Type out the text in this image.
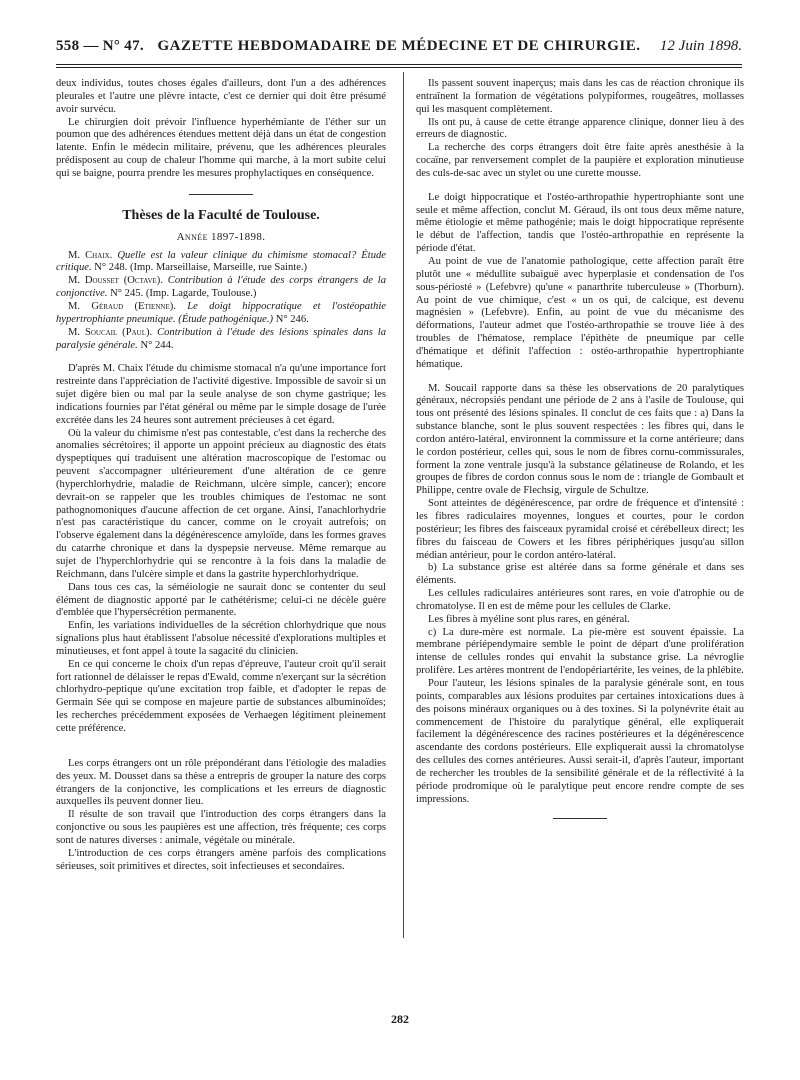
558 — N° 47. GAZETTE HEBDOMADAIRE DE MÉDECINE ET DE CHIRURGIE.	12 Juin 1898.

deux individus, toutes choses égales d'ailleurs, dont l'un a des adhérences pleurales et l'autre une plèvre intacte, c'est ce dernier qui doit être présumé avoir survécu.

Le chirurgien doit prévoir l'influence hyperhémiante de l'éther sur un poumon que des adhérences étendues mettent déjà dans un état de congestion latente. Enfin le médecin militaire, prévenu, que les adhérences pleurales prédisposent au coup de chaleur l'homme qui marche, à la mort subite celui qui se baigne, pourra prendre les mesures prophylactiques en conséquence.

Thèses de la Faculté de Toulouse.
Année 1897-1898.

M. Chaix. Quelle est la valeur clinique du chimisme stomacal? Étude critique. N° 248. (Imp. Marseillaise, Marseille, rue Sainte.)

M. Dousset (Octave). Contribution à l'étude des corps étrangers de la conjonctive. N° 245. (Imp. Lagarde, Toulouse.)

M. Géraud (Etienne). Le doigt hippocratique et l'ostéopathie hypertrophiante pneumique. (Étude pathogénique.) N° 246.

M. Soucail (Paul). Contribution à l'étude des lésions spinales dans la paralysie générale. N° 244.

D'après M. Chaix l'étude du chimisme stomacal n'a qu'une importance fort restreinte dans l'appréciation de l'activité digestive. Impossible de savoir si un sujet digère bien ou mal par la seule analyse de son chyme gastrique; les indications fournies par l'état général ou même par le simple dosage de l'urée excrétée dans les 24 heures sont autrement précieuses à cet égard.

Où la valeur du chimisme n'est pas contestable, c'est dans la recherche des anomalies sécrétoires; il apporte un appoint précieux au diagnostic des états dyspeptiques qui traduisent une altération macroscopique de l'estomac ou peuvent s'accompagner ultérieurement d'une altération de ce genre (hyperchlorhydrie, maladie de Reichmann, ulcère simple, cancer); encore devrait-on se rappeler que les troubles chimiques de l'estomac ne sont pathognomoniques d'aucune affection de cet organe. Ainsi, l'anachlorhydrie n'est pas caractéristique du cancer, comme on le croyait autrefois; on l'observe également dans la dégénérescence amyloïde, dans les formes graves du catarrhe chronique et dans la dyspepsie nerveuse. Même remarque au sujet de l'hyperchlorhydrie qui se rencontre à la fois dans la maladie de Reichmann, dans l'ulcère simple et dans la gastrite hyperchlorhydrique.

Dans tous ces cas, la séméiologie ne saurait donc se contenter du seul élément de diagnostic apporté par le cathétérisme; celui-ci ne décèle guère d'emblée que l'hypersécrétion permanente.

Enfin, les variations individuelles de la sécrétion chlorhydrique que nous signalions plus haut établissent l'absolue nécessité d'explorations multiples et minutieuses, et font appel à toute la sagacité du clinicien.

En ce qui concerne le choix d'un repas d'épreuve, l'auteur croit qu'il serait fort rationnel de délaisser le repas d'Ewald, comme n'exerçant sur la sécrétion chlorhydro-peptique qu'une excitation trop faible, et d'adopter le repas de Germain Sée qui se compose en majeure partie de substances albuminoïdes; les recherches précédemment exposées de Verhaegen légitiment pleinement cette préférence.

Les corps étrangers ont un rôle prépondérant dans l'étiologie des maladies des yeux. M. Dousset dans sa thèse a entrepris de grouper la nature des corps étrangers de la conjonctive, les complications et les erreurs de diagnostic auxquelles ils peuvent donner lieu.

Il résulte de son travail que l'introduction des corps étrangers dans la conjonctive ou sous les paupières est une affection, très fréquente; ces corps sont de natures diverses : animale, végétale ou minérale.

L'introduction de ces corps étrangers amène parfois des complications sérieuses, soit primitives et directes, soit infectieuses et secondaires.

Ils passent souvent inaperçus; mais dans les cas de réaction chronique ils entraînent la formation de végétations polypiformes, rougeâtres, mollasses qui les masquent complètement.

Ils ont pu, à cause de cette étrange apparence clinique, donner lieu à des erreurs de diagnostic.

La recherche des corps étrangers doit être faite après anesthésie à la cocaïne, par renversement complet de la paupière et exploration minutieuse des culs-de-sac avec un stylet ou une curette mousse.

Le doigt hippocratique et l'ostéo-arthropathie hypertrophiante sont une seule et même affection, conclut M. Géraud, ils ont tous deux même nature, même étiologie et même pathogénie; mais le doigt hippocratique représente le début de l'affection, tandis que l'ostéo-arthropathie en représente la période d'état.

Au point de vue de l'anatomie pathologique, cette affection paraît être plutôt une « médullite subaiguë avec hyperplasie et condensation de l'os sous-périosté » (Lefebvre) qu'une « panarthrite tuberculeuse » (Thorburn). Au point de vue chimique, c'est « un os qui, de calcique, est devenu magnésien » (Lefebvre). Enfin, au point de vue du mécanisme des déformations, l'auteur admet que l'ostéo-arthropathie se trouve liée à des troubles de l'hématose, remplace l'épithète de pneumique par celle d'hématique et définit l'affection : ostéo-arthropathie hypertrophiante hématique.

M. Soucail rapporte dans sa thèse les observations de 20 paralytiques généraux, nécropsiés pendant une période de 2 ans à l'asile de Toulouse, qui tous ont présenté des lésions spinales. Il conclut de ces faits que : a) Dans la substance blanche, sont le plus souvent respectées : les fibres qui, dans le cordon antéro-latéral, environnent la commissure et la corne antérieure; dans le cordon postérieur, celles qui, sous le nom de fibres cornu-commissurales, forment la zone ventrale jusqu'à la substance gélatineuse de Rolando, et les groupes de fibres de cordon connus sous le nom de : triangle de Gombault et Philippe, centre ovale de Flechsig, virgule de Schultze.

Sont atteintes de dégénérescence, par ordre de fréquence et d'intensité : les fibres radiculaires moyennes, longues et courtes, pour le cordon postérieur; les fibres des faisceaux pyramidal croisé et cérébelleux direct; les fibres du faisceau de Cowers et les fibres périphériques jusqu'au sillon médian antérieur, pour le cordon antéro-latéral.

b) La substance grise est altérée dans sa forme générale et dans ses éléments.

Les cellules radiculaires antérieures sont rares, en voie d'atrophie ou de chromatolyse. Il en est de même pour les cellules de Clarke.

Les fibres à myéline sont plus rares, en général.

c) La dure-mère est normale. La pie-mère est souvent épaissie. La membrane périépendymaire semble le point de départ d'une prolifération intense de cellules rondes qui envahit la substance grise. La névroglie prolifère. Les artères montrent de l'endopériartérite, les veines, de la phlébite.

Pour l'auteur, les lésions spinales de la paralysie générale sont, en tous points, comparables aux lésions produites par certaines intoxications dues à des poisons minéraux organiques ou à des toxines. Si la polynévrite était au commencement de l'histoire du paralytique général, elle expliquerait facilement la dégénérescence des racines postérieures et la dégénérescence ascendante des cordons postérieurs. Elle expliquerait aussi la chromatolyse des cellules des cornes antérieures. Aussi serait-il, d'après l'auteur, important de rechercher les troubles de la sensibilité générale et de la réflectivité à la période prodromique où le paralytique peut encore rendre compte de ses impressions.

282
